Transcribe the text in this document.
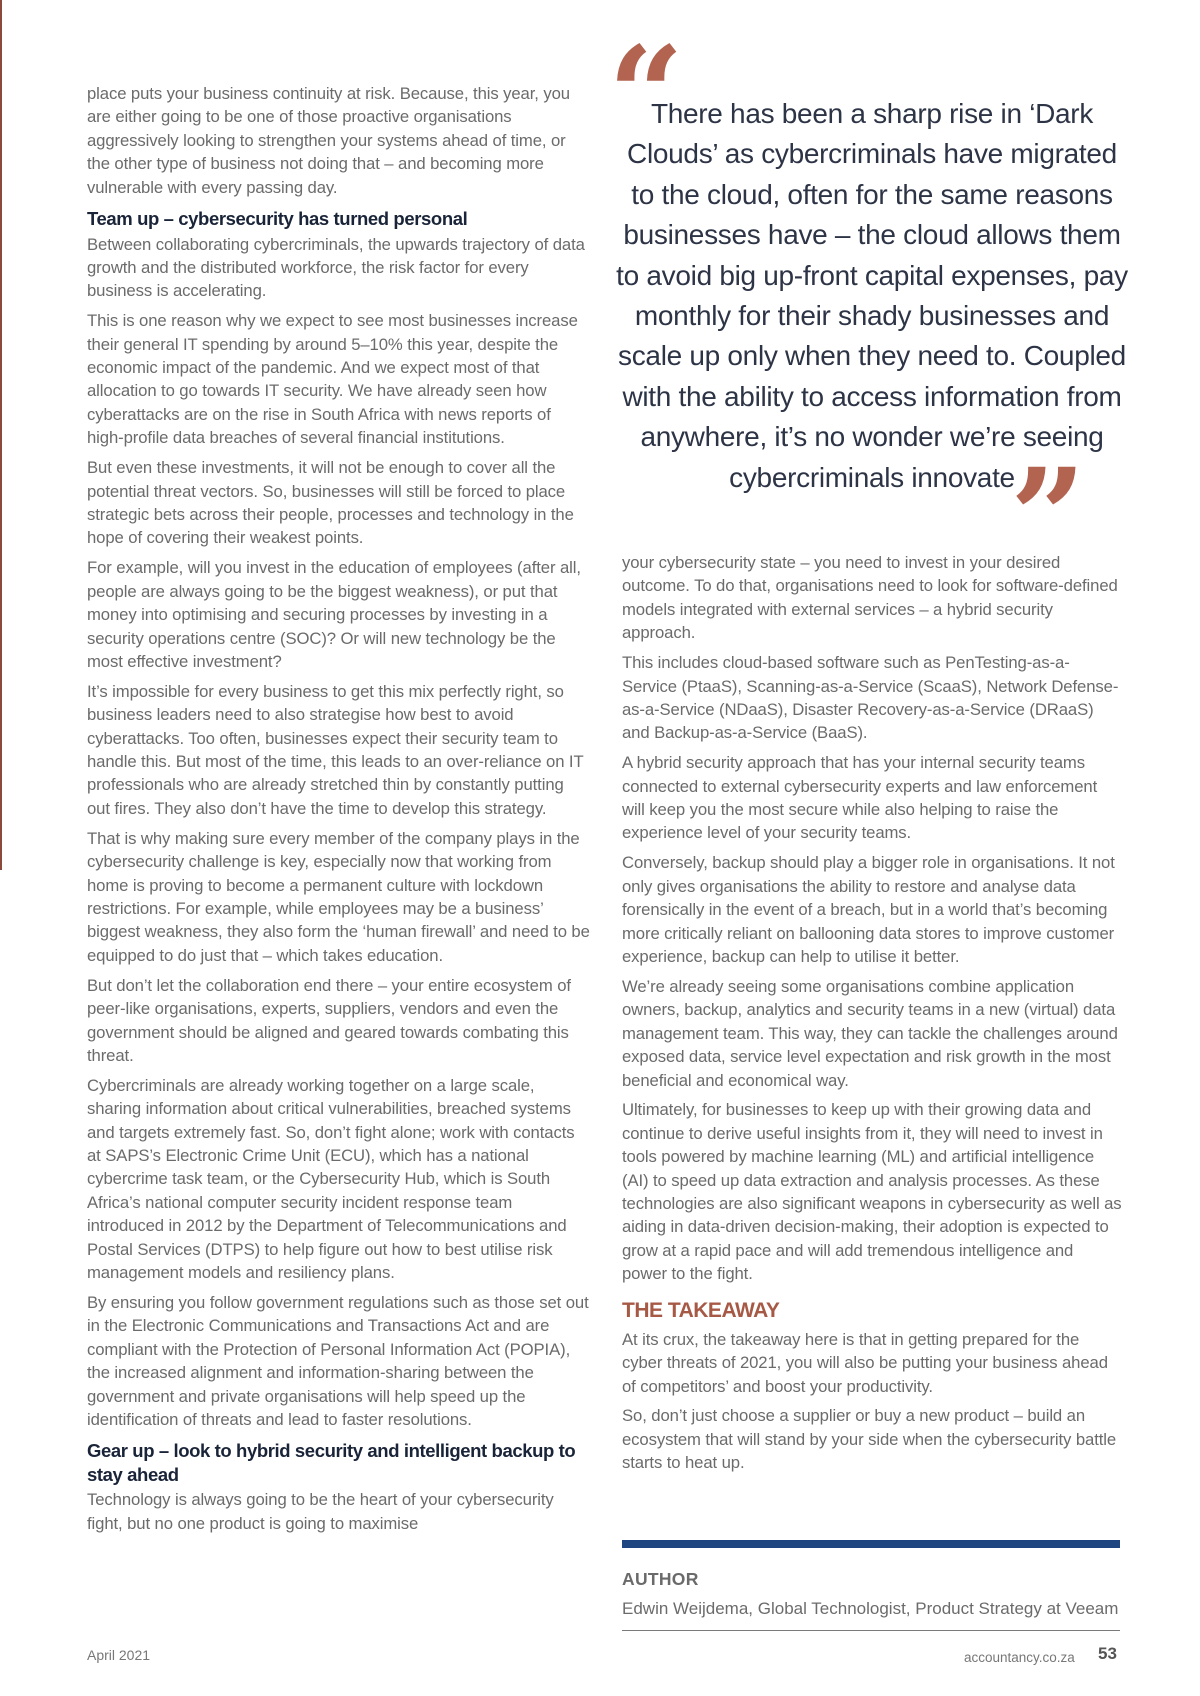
place puts your business continuity at risk. Because, this year, you are either going to be one of those proactive organisations aggressively looking to strengthen your systems ahead of time, or the other type of business not doing that – and becoming more vulnerable with every passing day.

Team up – cybersecurity has turned personal

Between collaborating cybercriminals, the upwards trajectory of data growth and the distributed workforce, the risk factor for every business is accelerating.

This is one reason why we expect to see most businesses increase their general IT spending by around 5–10% this year, despite the economic impact of the pandemic. And we expect most of that allocation to go towards IT security. We have already seen how cyberattacks are on the rise in South Africa with news reports of high-profile data breaches of several financial institutions.

But even these investments, it will not be enough to cover all the potential threat vectors. So, businesses will still be forced to place strategic bets across their people, processes and technology in the hope of covering their weakest points.

For example, will you invest in the education of employees (after all, people are always going to be the biggest weakness), or put that money into optimising and securing processes by investing in a security operations centre (SOC)? Or will new technology be the most effective investment?

It’s impossible for every business to get this mix perfectly right, so business leaders need to also strategise how best to avoid cyberattacks. Too often, businesses expect their security team to handle this. But most of the time, this leads to an over-reliance on IT professionals who are already stretched thin by constantly putting out fires. They also don’t have the time to develop this strategy.

That is why making sure every member of the company plays in the cybersecurity challenge is key, especially now that working from home is proving to become a permanent culture with lockdown restrictions. For example, while employees may be a business’ biggest weakness, they also form the ‘human firewall’ and need to be equipped to do just that – which takes education.

But don’t let the collaboration end there – your entire ecosystem of peer-like organisations, experts, suppliers, vendors and even the government should be aligned and geared towards combating this threat.

Cybercriminals are already working together on a large scale, sharing information about critical vulnerabilities, breached systems and targets extremely fast. So, don’t fight alone; work with contacts at SAPS’s Electronic Crime Unit (ECU), which has a national cybercrime task team, or the Cybersecurity Hub, which is South Africa’s national computer security incident response team introduced in 2012 by the Department of Telecommunications and Postal Services (DTPS) to help figure out how to best utilise risk management models and resiliency plans.

By ensuring you follow government regulations such as those set out in the Electronic Communications and Transactions Act and are compliant with the Protection of Personal Information Act (POPIA), the increased alignment and information-sharing between the government and private organisations will help speed up the identification of threats and lead to faster resolutions.

Gear up – look to hybrid security and intelligent backup to stay ahead

Technology is always going to be the heart of your cybersecurity fight, but no one product is going to maximise

“
There has been a sharp rise in ‘Dark Clouds’ as cybercriminals have migrated to the cloud, often for the same reasons businesses have – the cloud allows them to avoid big up-front capital expenses, pay monthly for their shady businesses and scale up only when they need to. Coupled with the ability to access information from anywhere, it’s no wonder we’re seeing cybercriminals innovate
”

your cybersecurity state – you need to invest in your desired outcome. To do that, organisations need to look for software-defined models integrated with external services – a hybrid security approach.

This includes cloud-based software such as PenTesting-as-a-Service (PtaaS), Scanning-as-a-Service (ScaaS), Network Defense-as-a-Service (NDaaS), Disaster Recovery-as-a-Service (DRaaS) and Backup-as-a-Service (BaaS).

A hybrid security approach that has your internal security teams connected to external cybersecurity experts and law enforcement will keep you the most secure while also helping to raise the experience level of your security teams.

Conversely, backup should play a bigger role in organisations. It not only gives organisations the ability to restore and analyse data forensically in the event of a breach, but in a world that’s becoming more critically reliant on ballooning data stores to improve customer experience, backup can help to utilise it better.

We’re already seeing some organisations combine application owners, backup, analytics and security teams in a new (virtual) data management team. This way, they can tackle the challenges around exposed data, service level expectation and risk growth in the most beneficial and economical way.

Ultimately, for businesses to keep up with their growing data and continue to derive useful insights from it, they will need to invest in tools powered by machine learning (ML) and artificial intelligence (AI) to speed up data extraction and analysis processes. As these technologies are also significant weapons in cybersecurity as well as aiding in data-driven decision-making, their adoption is expected to grow at a rapid pace and will add tremendous intelligence and power to the fight.

THE TAKEAWAY

At its crux, the takeaway here is that in getting prepared for the cyber threats of 2021, you will also be putting your business ahead of competitors’ and boost your productivity.

So, don’t just choose a supplier or buy a new product – build an ecosystem that will stand by your side when the cybersecurity battle starts to heat up.

AUTHOR
Edwin Weijdema, Global Technologist, Product Strategy at Veeam
April 2021	accountancy.co.za 53
